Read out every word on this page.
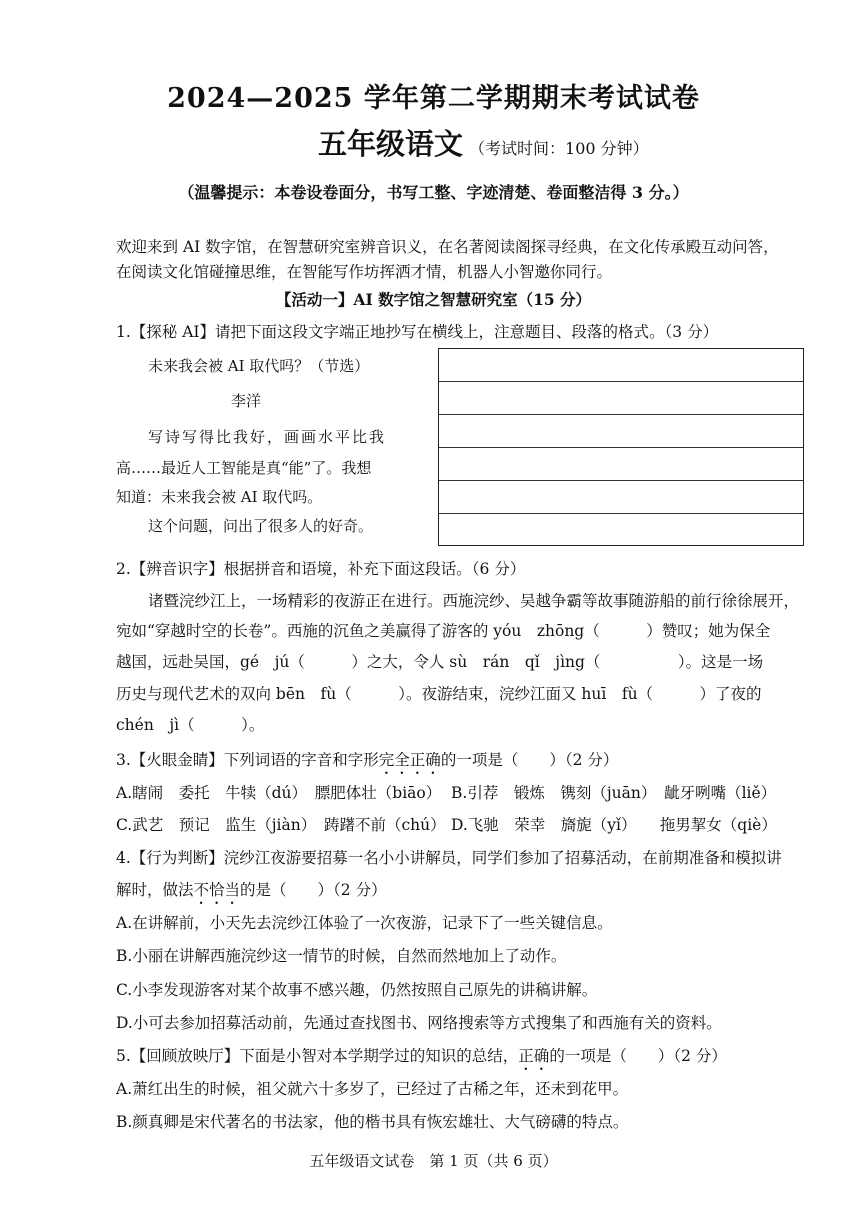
2024—2025 学年第二学期期末考试试卷
五年级语文 （考试时间：100 分钟）
（温馨提示：本卷设卷面分，书写工整、字迹清楚、卷面整洁得 3 分。）
欢迎来到 AI 数字馆，在智慧研究室辨音识义，在名著阅读阁探寻经典，在文化传承殿互动问答，
在阅读文化馆碰撞思维，在智能写作坊挥洒才情，机器人小智邀你同行。
【活动一】AI 数字馆之智慧研究室（15 分）
1.【探秘 AI】请把下面这段文字端正地抄写在横线上，注意题目、段落的格式。（3 分）
未来我会被 AI 取代吗？（节选）
李洋
写诗写得比我好，画画水平比我
高……最近人工智能是真“能”了。我想
知道：未来我会被 AI 取代吗。
这个问题，问出了很多人的好奇。
2.【辨音识字】根据拼音和语境，补充下面这段话。（6 分）
诸暨浣纱江上，一场精彩的夜游正在进行。西施浣纱、吴越争霸等故事随游船的前行徐徐展开，
宛如“穿越时空的长卷”。西施的沉鱼之美赢得了游客的 yóu　zhōng（　　　）赞叹；她为保全
越国，远赴吴国，gé　jú（　　　）之大，令人 sù　rán　qǐ　jìng（　　　　　）。这是一场
历史与现代艺术的双向 bēn　fù（　　　）。夜游结束，浣纱江面又 huī　fù（　　　）了夜的
chén　jì（　　　）。
3.【火眼金睛】下列词语的字音和字形完全正确的一项是（　　）（2 分）
A.瞎闹　委托　牛犊（dú）　膘肥体壮（biāo） B.引荐　锻炼　镌刻（juān）　龇牙咧嘴（liě）
C.武艺　预记　监生（jiàn）　踌躇不前（chú） D.飞驰　荣幸　旖旎（yǐ）　　拖男挈女（qiè）
4.【行为判断】浣纱江夜游要招募一名小小讲解员，同学们参加了招募活动，在前期准备和模拟讲
解时，做法不恰当的是（　　）（2 分）
A.在讲解前，小天先去浣纱江体验了一次夜游，记录下了一些关键信息。
B.小丽在讲解西施浣纱这一情节的时候，自然而然地加上了动作。
C.小李发现游客对某个故事不感兴趣，仍然按照自己原先的讲稿讲解。
D.小可去参加招募活动前，先通过查找图书、网络搜索等方式搜集了和西施有关的资料。
5.【回顾放映厅】下面是小智对本学期学过的知识的总结，正确的一项是（　　）（2 分）
A.萧红出生的时候，祖父就六十多岁了，已经过了古稀之年，还未到花甲。
B.颜真卿是宋代著名的书法家，他的楷书具有恢宏雄壮、大气磅礴的特点。
五年级语文试卷　第 1 页（共 6 页）
